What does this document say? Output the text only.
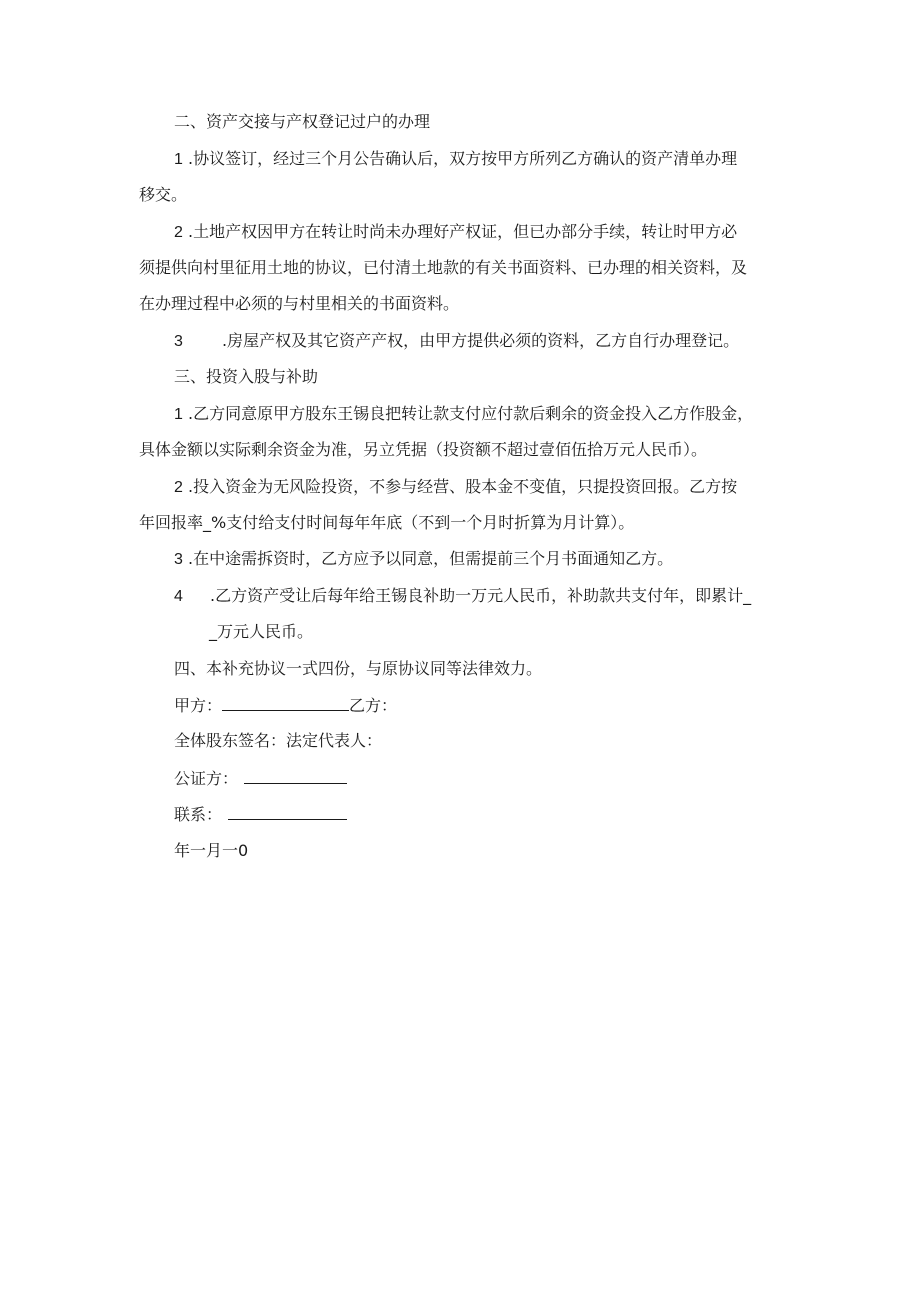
二、资产交接与产权登记过户的办理
1 .协议签订，经过三个月公告确认后，双方按甲方所列乙方确认的资产清单办理
移交。
2 .土地产权因甲方在转让时尚未办理好产权证，但已办部分手续，转让时甲方必
须提供向村里征用土地的协议，已付清土地款的有关书面资料、已办理的相关资料，及
在办理过程中必须的与村里相关的书面资料。
3 .房屋产权及其它资产产权，由甲方提供必须的资料，乙方自行办理登记。
三、投资入股与补助
1 .乙方同意原甲方股东王锡良把转让款支付应付款后剩余的资金投入乙方作股金，
具体金额以实际剩余资金为准，另立凭据（投资额不超过壹佰伍拾万元人民币）。
2 .投入资金为无风险投资，不参与经营、股本金不变值，只提投资回报。乙方按
年回报率_%支付给支付时间每年年底（不到一个月时折算为月计算）。
3 .在中途需拆资时，乙方应予以同意，但需提前三个月书面通知乙方。
4 .乙方资产受让后每年给王锡良补助一万元人民币，补助款共支付年，即累计_
_万元人民币。
四、本补充协议一式四份，与原协议同等法律效力。
甲方：	乙方：
全体股东签名：法定代表人：
公证方：
联系：
年一月一0
